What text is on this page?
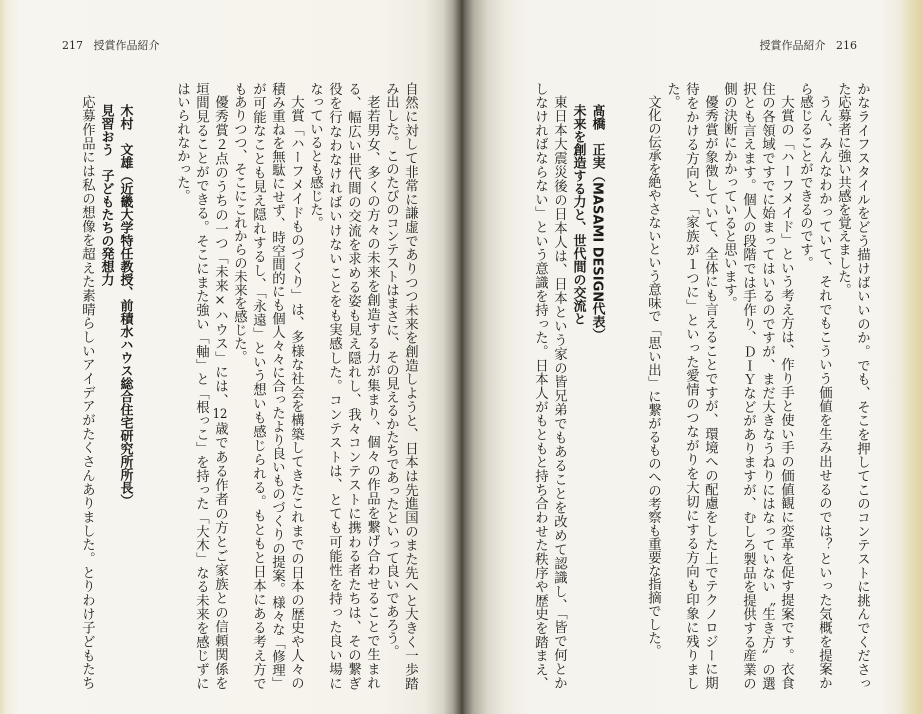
217 授賞作品紹介	授賞作品紹介 216
かなライフスタイルをどう描けばいいのか。でも、そこを押してこのコンテストに挑んでくださっ
た応募者に強い共感を覚えました。
うん、みんなわかっていて、それでもこういう価値を生み出せるのでは？といった気概を提案か
ら感じることができるのです。
大賞の「ハーフメイド」という考え方は、作り手と使い手の価値観に変革を促す提案です。衣食
住の各領域ですでに始まってはいるのですが、まだ大きなうねりにはなっていない〝生き方〟の選
択とも言えます。個人の段階では手作り、ＤＩＹなどがありますが、むしろ製品を提供する産業の
側の決断にかかっていると思います。
優秀賞が象徴していて、全体にも言えることですが、環境への配慮をした上でテクノロジーに期
待をかける方向と、「家族が１つに」といった愛情のつながりを大切にする方向も印象に残りまし
た。
文化の伝承を絶やさないという意味で「思い出」に繋がるものへの考察も重要な指摘でした。
髙橋　正実（MASAMI DESIGN代表）
未来を創造する力と、世代間の交流と
東日本大震災後の日本人は、日本という家の皆兄弟でもあることを改めて認識し、「皆で何とか
しなければならない」という意識を持った。日本人がもともと持ち合わせた秩序や歴史を踏まえ、
自然に対して非常に謙虚でありつつ未来を創造しようと、日本は先進国のまた先へと大きく一歩踏
み出した。このたびのコンテストはまさに、その見えるかたちであったといって良いであろう。
老若男女、多くの方々の未来を創造する力が集まり、個々の作品を繋げ合わせることで生まれ
る、幅広い世代間の交流を求める姿も見え隠れし、我々コンテストに携わる者たちは、その繋ぎ
役を行なわなければいけないことをも実感した。コンテストは、とても可能性を持った良い場に
なっているとも感じた。
大賞「ハーフメイドものづくり」は、多様な社会を構築してきたこれまでの日本の歴史や人々の
積み重ねを無駄にせず、時空間的にも個人々々に合ったより良いものづくりの提案。様々な「修理」
が可能なことも見え隠れするし、「永遠」という想いも感じられる。もともと日本にある考え方で
もありつつ、そこにこれからの未来を感じた。
優秀賞２点のうちの一つ「未来×ハウス」には、12歳である作者の方とご家族との信頼関係を
垣間見ることができる。そこにまた強い「軸」と「根っこ」を持った「大木」なる未来を感じずに
はいられなかった。
木村　文雄（近畿大学特任教授、前積水ハウス総合住宅研究所所長）
見習おう　子どもたちの発想力
応募作品には私の想像を超えた素晴らしいアイデアがたくさんありました。とりわけ子どもたち
